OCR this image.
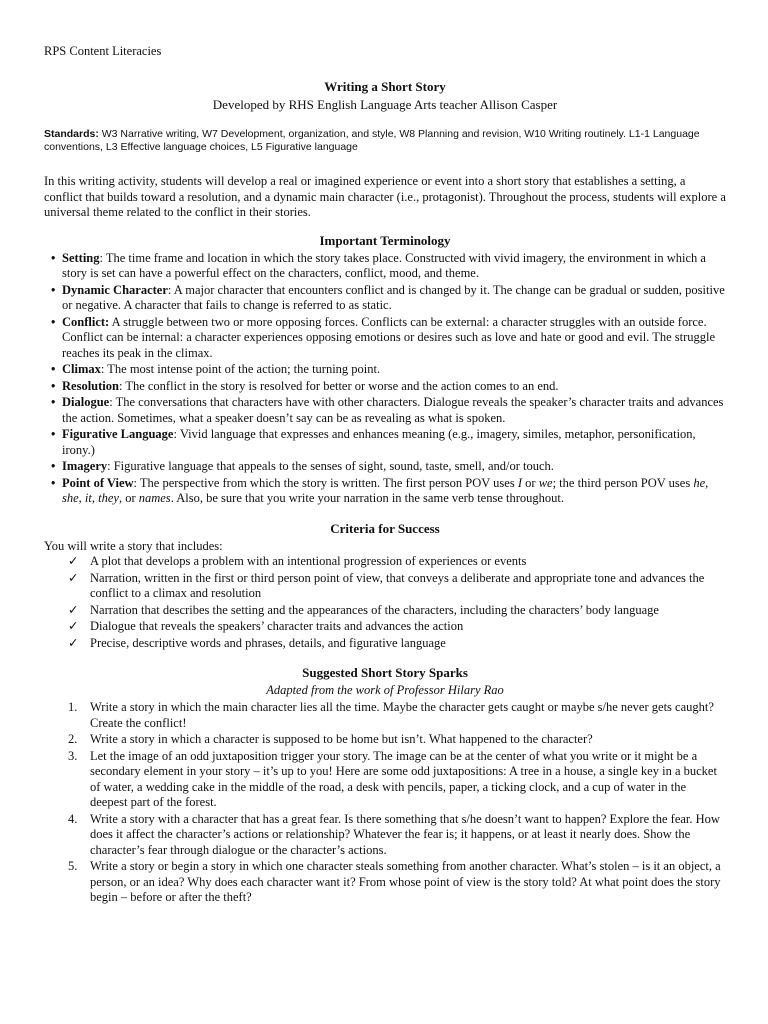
RPS Content Literacies

Writing a Short Story

Developed by RHS English Language Arts teacher Allison Casper

Standards: W3 Narrative writing, W7 Development, organization, and style, W8 Planning and revision, W10 Writing routinely. L1-1 Language conventions, L3 Effective language choices, L5 Figurative language

In this writing activity, students will develop a real or imagined experience or event into a short story that establishes a setting, a conflict that builds toward a resolution, and a dynamic main character (i.e., protagonist). Throughout the process, students will explore a universal theme related to the conflict in their stories.

Important Terminology

• Setting: The time frame and location in which the story takes place. Constructed with vivid imagery, the environment in which a story is set can have a powerful effect on the characters, conflict, mood, and theme.
• Dynamic Character: A major character that encounters conflict and is changed by it. The change can be gradual or sudden, positive or negative. A character that fails to change is referred to as static.
• Conflict: A struggle between two or more opposing forces. Conflicts can be external: a character struggles with an outside force. Conflict can be internal: a character experiences opposing emotions or desires such as love and hate or good and evil. The struggle reaches its peak in the climax.
• Climax: The most intense point of the action; the turning point.
• Resolution: The conflict in the story is resolved for better or worse and the action comes to an end.
• Dialogue: The conversations that characters have with other characters. Dialogue reveals the speaker’s character traits and advances the action. Sometimes, what a speaker doesn’t say can be as revealing as what is spoken.
• Figurative Language: Vivid language that expresses and enhances meaning (e.g., imagery, similes, metaphor, personification, irony.)
• Imagery: Figurative language that appeals to the senses of sight, sound, taste, smell, and/or touch.
• Point of View: The perspective from which the story is written. The first person POV uses I or we; the third person POV uses he, she, it, they, or names. Also, be sure that you write your narration in the same verb tense throughout.

Criteria for Success

You will write a story that includes:

✓ A plot that develops a problem with an intentional progression of experiences or events
✓ Narration, written in the first or third person point of view, that conveys a deliberate and appropriate tone and advances the conflict to a climax and resolution
✓ Narration that describes the setting and the appearances of the characters, including the characters’ body language
✓ Dialogue that reveals the speakers’ character traits and advances the action
✓ Precise, descriptive words and phrases, details, and figurative language

Suggested Short Story Sparks

Adapted from the work of Professor Hilary Rao

1. Write a story in which the main character lies all the time. Maybe the character gets caught or maybe s/he never gets caught? Create the conflict!
2. Write a story in which a character is supposed to be home but isn’t. What happened to the character?
3. Let the image of an odd juxtaposition trigger your story. The image can be at the center of what you write or it might be a secondary element in your story – it’s up to you! Here are some odd juxtapositions: A tree in a house, a single key in a bucket of water, a wedding cake in the middle of the road, a desk with pencils, paper, a ticking clock, and a cup of water in the deepest part of the forest.
4. Write a story with a character that has a great fear. Is there something that s/he doesn’t want to happen? Explore the fear. How does it affect the character’s actions or relationship? Whatever the fear is; it happens, or at least it nearly does. Show the character’s fear through dialogue or the character’s actions.
5. Write a story or begin a story in which one character steals something from another character. What’s stolen – is it an object, a person, or an idea? Why does each character want it? From whose point of view is the story told? At what point does the story begin – before or after the theft?
